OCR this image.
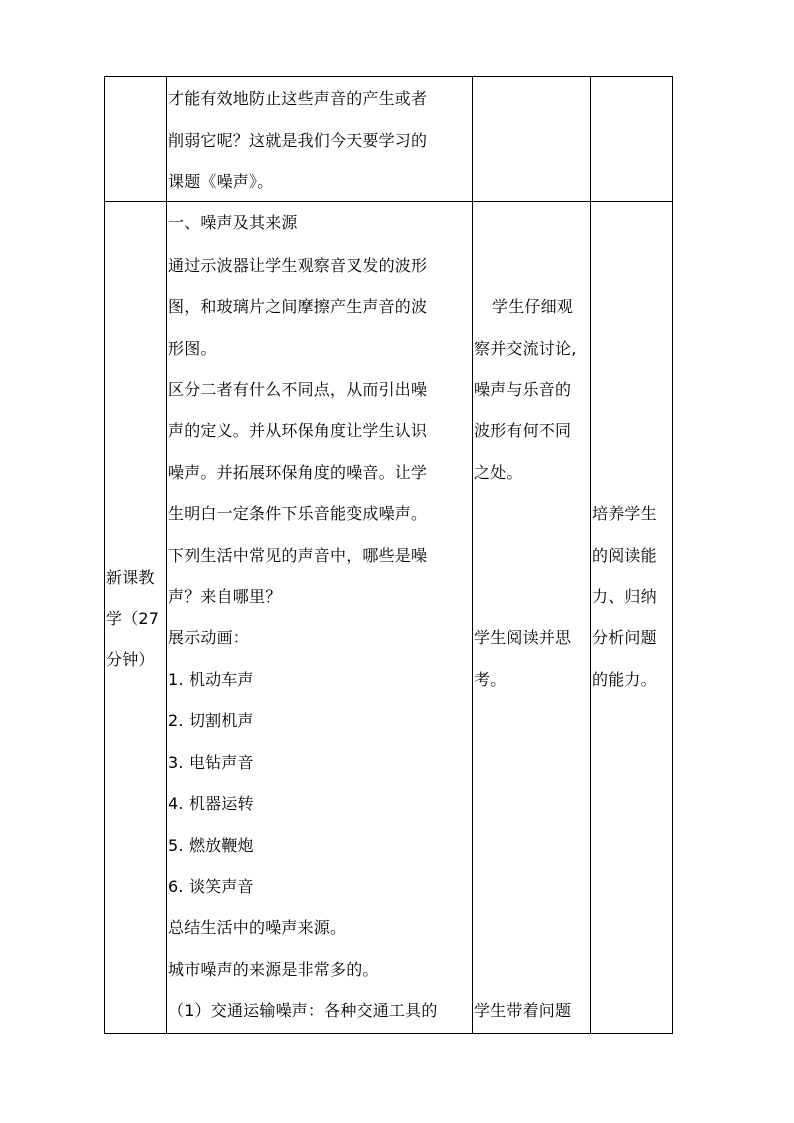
才能有效地防止这些声音的产生或者
削弱它呢？这就是我们今天要学习的
课题《噪声》。
新课教
学（27
分钟）
一、噪声及其来源
通过示波器让学生观察音叉发的波形
图，和玻璃片之间摩擦产生声音的波
形图。
区分二者有什么不同点，从而引出噪
声的定义。并从环保角度让学生认识
噪声。并拓展环保角度的噪音。让学
生明白一定条件下乐音能变成噪声。
下列生活中常见的声音中，哪些是噪
声？来自哪里？
展示动画：
1. 机动车声
2. 切割机声
3. 电钻声音
4. 机器运转
5. 燃放鞭炮
6. 谈笑声音
总结生活中的噪声来源。
城市噪声的来源是非常多的。
（1）交通运输噪声：各种交通工具的
学生仔细观
察并交流讨论,
噪声与乐音的
波形有何不同
之处。
学生阅读并思
考。
学生带着问题
培养学生
的阅读能
力、归纳
分析问题
的能力。
